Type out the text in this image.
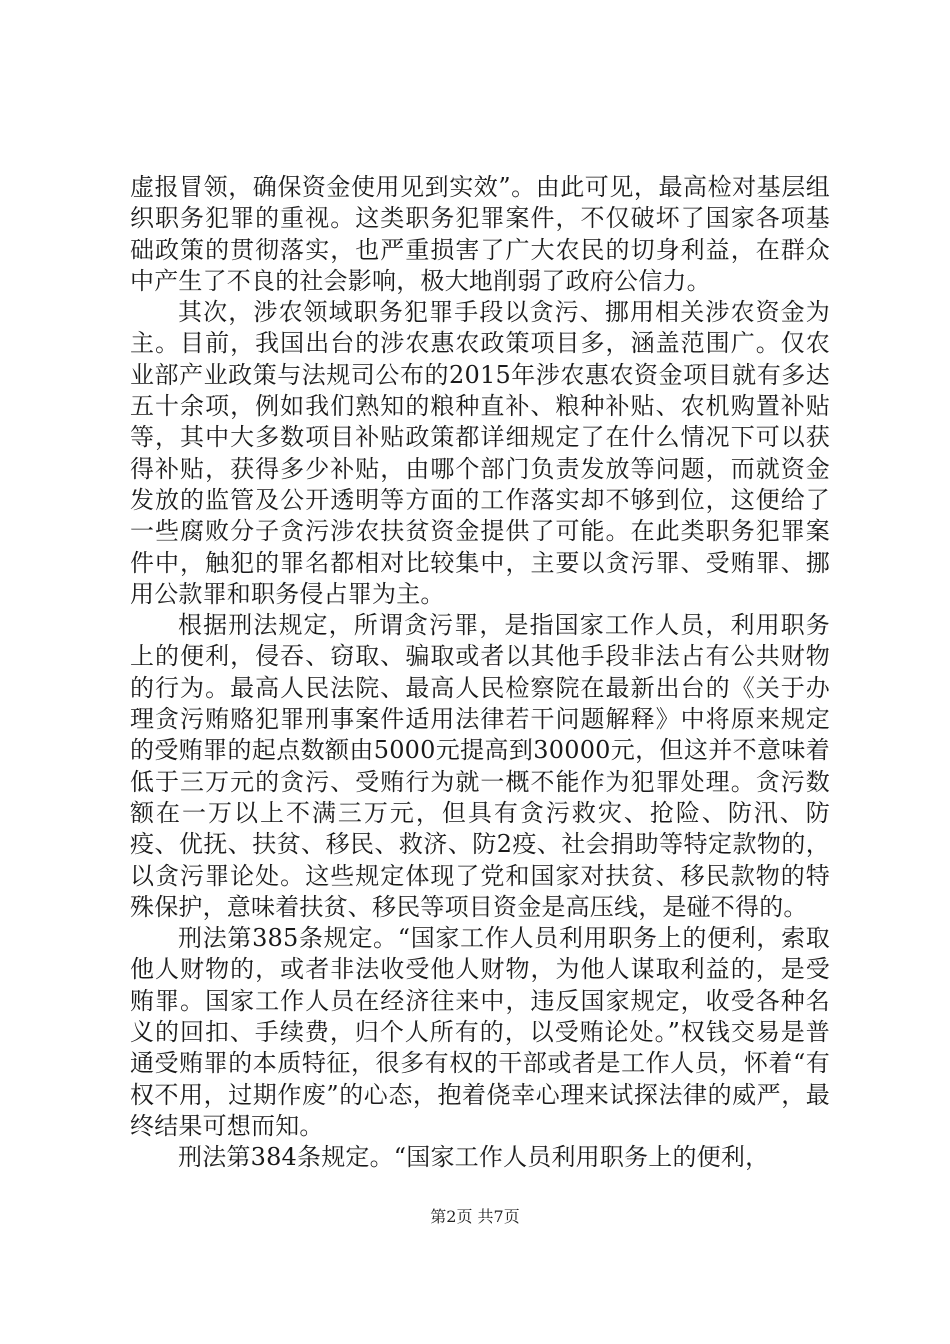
虚报冒领，确保资金使用见到实效”。由此可见，最高检对基层组织职务犯罪的重视。这类职务犯罪案件，不仅破坏了国家各项基础政策的贯彻落实，也严重损害了广大农民的切身利益，在群众中产生了不良的社会影响，极大地削弱了政府公信力。

其次，涉农领域职务犯罪手段以贪污、挪用相关涉农资金为主。目前，我国出台的涉农惠农政策项目多，涵盖范围广。仅农业部产业政策与法规司公布的2015年涉农惠农资金项目就有多达五十余项，例如我们熟知的粮种直补、粮种补贴、农机购置补贴等，其中大多数项目补贴政策都详细规定了在什么情况下可以获得补贴，获得多少补贴，由哪个部门负责发放等问题，而就资金发放的监管及公开透明等方面的工作落实却不够到位，这便给了一些腐败分子贪污涉农扶贫资金提供了可能。在此类职务犯罪案件中，触犯的罪名都相对比较集中，主要以贪污罪、受贿罪、挪用公款罪和职务侵占罪为主。

根据刑法规定，所谓贪污罪，是指国家工作人员，利用职务上的便利，侵吞、窃取、骗取或者以其他手段非法占有公共财物的行为。最高人民法院、最高人民检察院在最新出台的《关于办理贪污贿赂犯罪刑事案件适用法律若干问题解释》中将原来规定的受贿罪的起点数额由5000元提高到30000元，但这并不意味着低于三万元的贪污、受贿行为就一概不能作为犯罪处理。贪污数额在一万以上不满三万元，但具有贪污救灾、抢险、防汛、防疫、优抚、扶贫、移民、救济、防2疫、社会捐助等特定款物的，以贪污罪论处。这些规定体现了党和国家对扶贫、移民款物的特殊保护，意味着扶贫、移民等项目资金是高压线，是碰不得的。

刑法第385条规定。“国家工作人员利用职务上的便利，索取他人财物的，或者非法收受他人财物，为他人谋取利益的，是受贿罪。国家工作人员在经济往来中，违反国家规定，收受各种名义的回扣、手续费，归个人所有的，以受贿论处。”权钱交易是普通受贿罪的本质特征，很多有权的干部或者是工作人员，怀着“有权不用，过期作废”的心态，抱着侥幸心理来试探法律的威严，最终结果可想而知。

刑法第384条规定。“国家工作人员利用职务上的便利，

第2页 共7页
